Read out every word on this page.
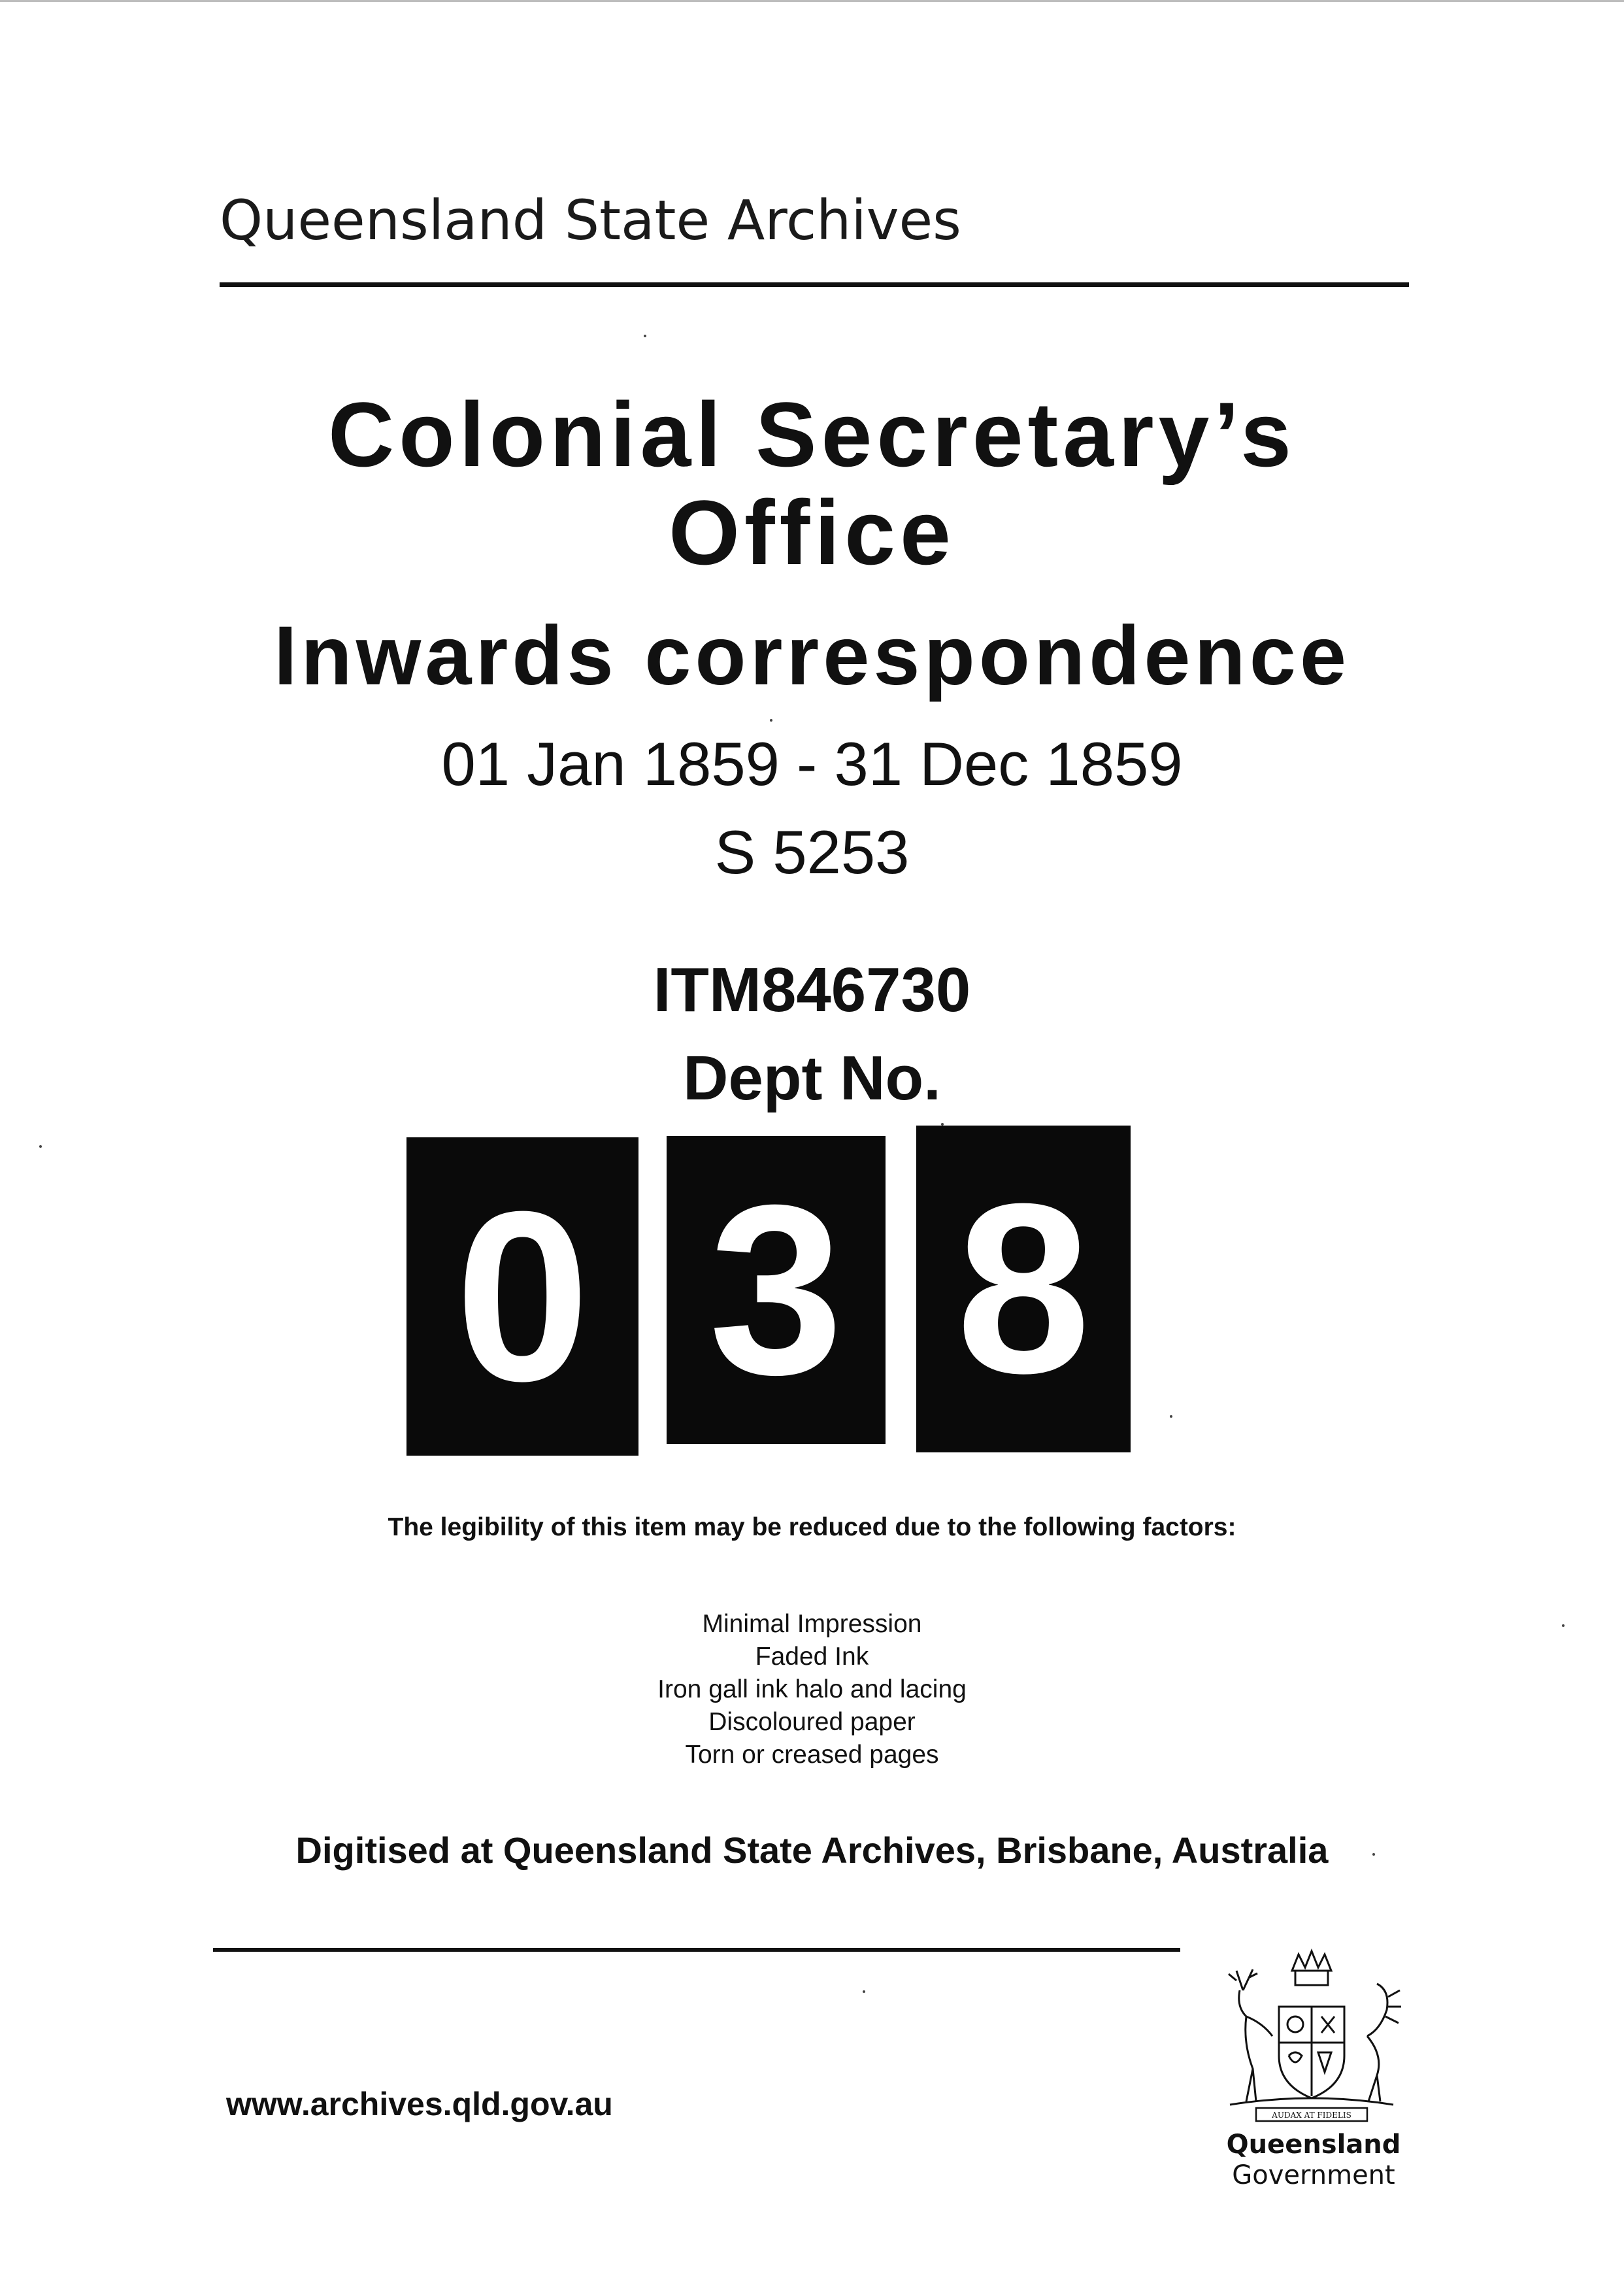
Queensland State Archives
Colonial Secretary’s
Office
Inwards correspondence
01 Jan 1859 - 31 Dec 1859
S 5253
ITM846730
Dept No.
0 3 8
The legibility of this item may be reduced due to the following factors:
Minimal Impression
Faded Ink
Iron gall ink halo and lacing
Discoloured paper
Torn or creased pages
Digitised at Queensland State Archives, Brisbane, Australia
www.archives.qld.gov.au	AUDAX AT FIDELIS
Queensland
Government
